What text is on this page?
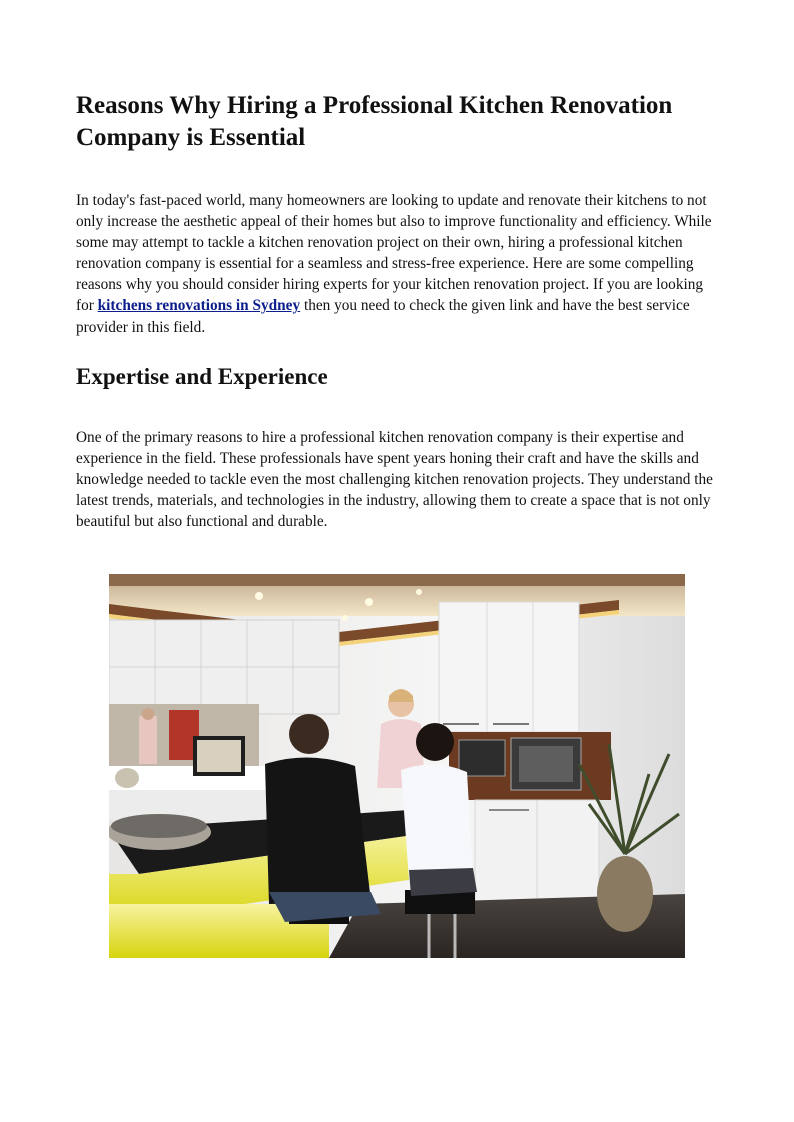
Reasons Why Hiring a Professional Kitchen Renovation Company is Essential

In today's fast-paced world, many homeowners are looking to update and renovate their kitchens to not only increase the aesthetic appeal of their homes but also to improve functionality and efficiency. While some may attempt to tackle a kitchen renovation project on their own, hiring a professional kitchen renovation company is essential for a seamless and stress-free experience. Here are some compelling reasons why you should consider hiring experts for your kitchen renovation project. If you are looking for kitchens renovations in Sydney then you need to check the given link and have the best service provider in this field.

Expertise and Experience

One of the primary reasons to hire a professional kitchen renovation company is their expertise and experience in the field. These professionals have spent years honing their craft and have the skills and knowledge needed to tackle even the most challenging kitchen renovation projects. They understand the latest trends, materials, and technologies in the industry, allowing them to create a space that is not only beautiful but also functional and durable.
